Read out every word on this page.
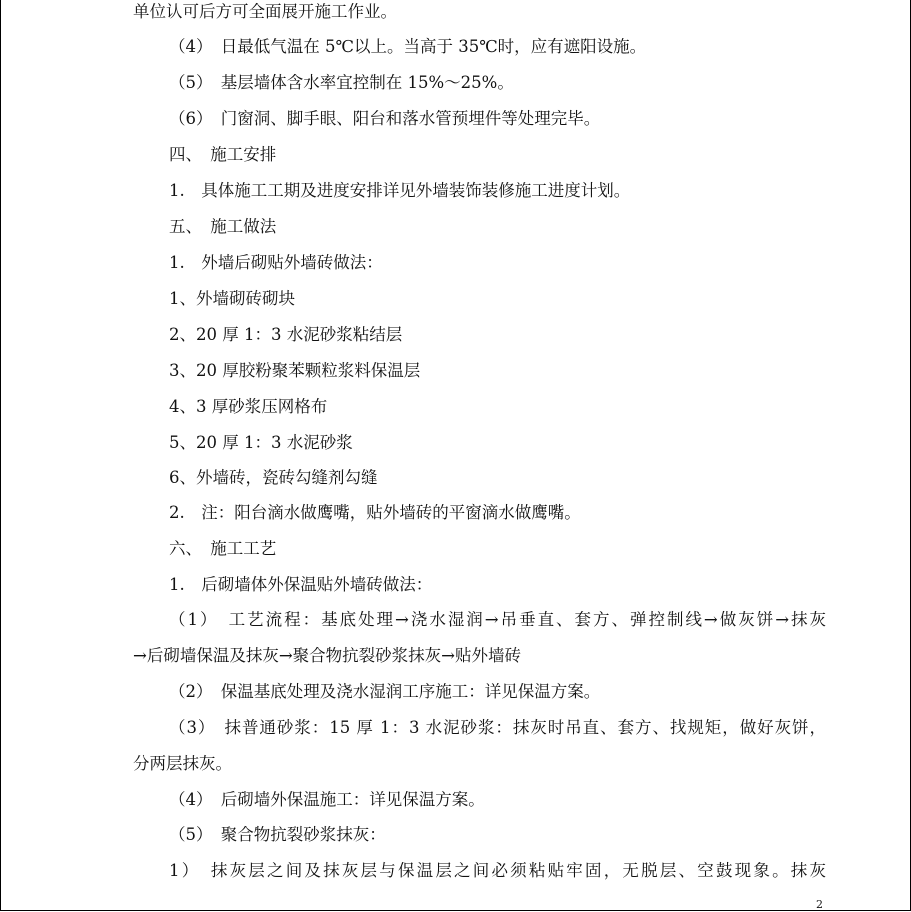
单位认可后方可全面展开施工作业。
（4）　日最低气温在 5℃以上。当高于 35℃时，应有遮阳设施。
（5）　基层墙体含水率宜控制在 15%～25%。
（6）　门窗洞、脚手眼、阳台和落水管预埋件等处理完毕。
四、　施工安排
1.　具体施工工期及进度安排详见外墙装饰装修施工进度计划。
五、　施工做法
1.　外墙后砌贴外墙砖做法：
1、外墙砌砖砌块
2、20 厚 1：3 水泥砂浆粘结层
3、20 厚胶粉聚苯颗粒浆料保温层
4、3 厚砂浆压网格布
5、20 厚 1：3 水泥砂浆
6、外墙砖，瓷砖勾缝剂勾缝
2.　注：阳台滴水做鹰嘴，贴外墙砖的平窗滴水做鹰嘴。
六、　施工工艺
1.　后砌墙体外保温贴外墙砖做法：
（1）　工艺流程：基底处理→浇水湿润→吊垂直、套方、弹控制线→做灰饼→抹灰
→后砌墙保温及抹灰→聚合物抗裂砂浆抹灰→贴外墙砖
（2）　保温基底处理及浇水湿润工序施工：详见保温方案。
（3）　抹普通砂浆：15 厚 1：3 水泥砂浆：抹灰时吊直、套方、找规矩，做好灰饼，
分两层抹灰。
（4）　后砌墙外保温施工：详见保温方案。
（5）　聚合物抗裂砂浆抹灰：
1）　抹灰层之间及抹灰层与保温层之间必须粘贴牢固，无脱层、空鼓现象。抹灰
2
